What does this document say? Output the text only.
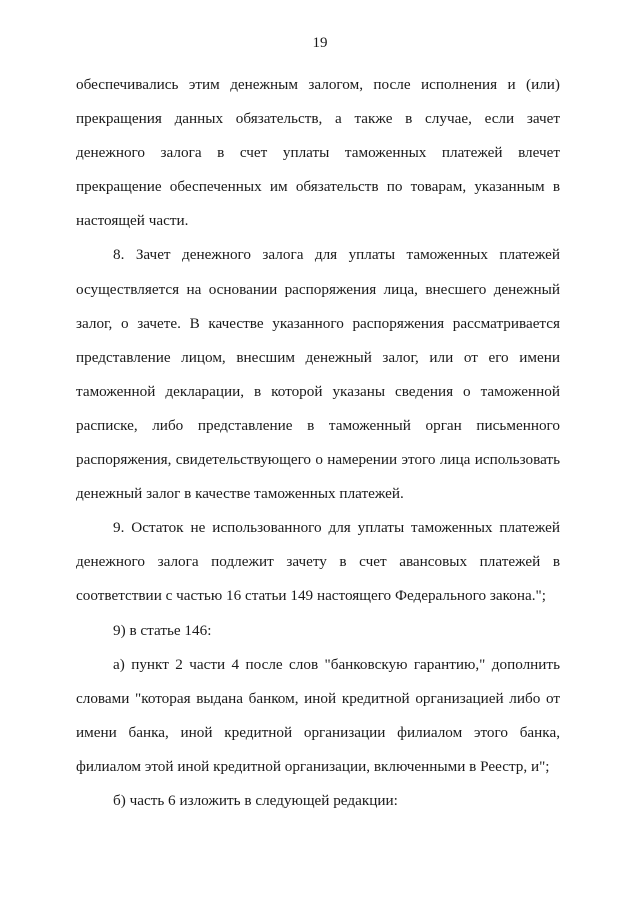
19

обеспечивались этим денежным залогом, после исполнения и (или) прекращения данных обязательств, а также в случае, если зачет денежного залога в счет уплаты таможенных платежей влечет прекращение обеспеченных им обязательств по товарам, указанным в настоящей части.

8. Зачет денежного залога для уплаты таможенных платежей осуществляется на основании распоряжения лица, внесшего денежный залог, о зачете. В качестве указанного распоряжения рассматривается представление лицом, внесшим денежный залог, или от его имени таможенной декларации, в которой указаны сведения о таможенной расписке, либо представление в таможенный орган письменного распоряжения, свидетельствующего о намерении этого лица использовать денежный залог в качестве таможенных платежей.

9. Остаток не использованного для уплаты таможенных платежей денежного залога подлежит зачету в счет авансовых платежей в соответствии с частью 16 статьи 149 настоящего Федерального закона.";

9) в статье 146:

а) пункт 2 части 4 после слов "банковскую гарантию," дополнить словами "которая выдана банком, иной кредитной организацией либо от имени банка, иной кредитной организации филиалом этого банка, филиалом этой иной кредитной организации, включенными в Реестр, и";

б) часть 6 изложить в следующей редакции:
